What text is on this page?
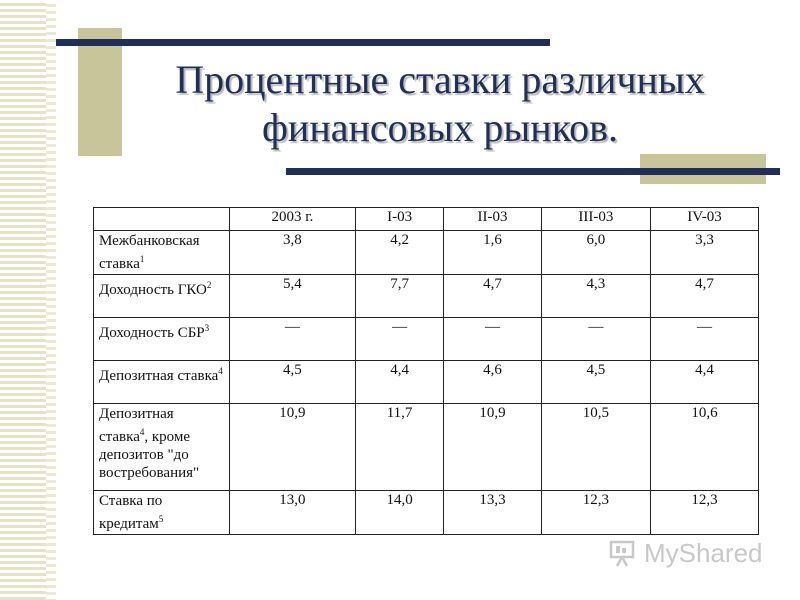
Процентные ставки различных
финансовых рынков.
	2003 г.	I-03	II-03	III-03	IV-03
Межбанковская ставка$^1$	3,8	4,2	1,6	6,0	3,3
Доходность ГКО$^2$	5,4	7,7	4,7	4,3	4,7
Доходность СБР$^3$	—	—	—	—	—
Депозитная ставка$^4$	4,5	4,4	4,6	4,5	4,4
Депозитная ставка$^4$, кроме депозитов "до востребования"	10,9	11,7	10,9	10,5	10,6
Ставка по кредитам$^5$	13,0	14,0	13,3	12,3	12,3
MyShared
